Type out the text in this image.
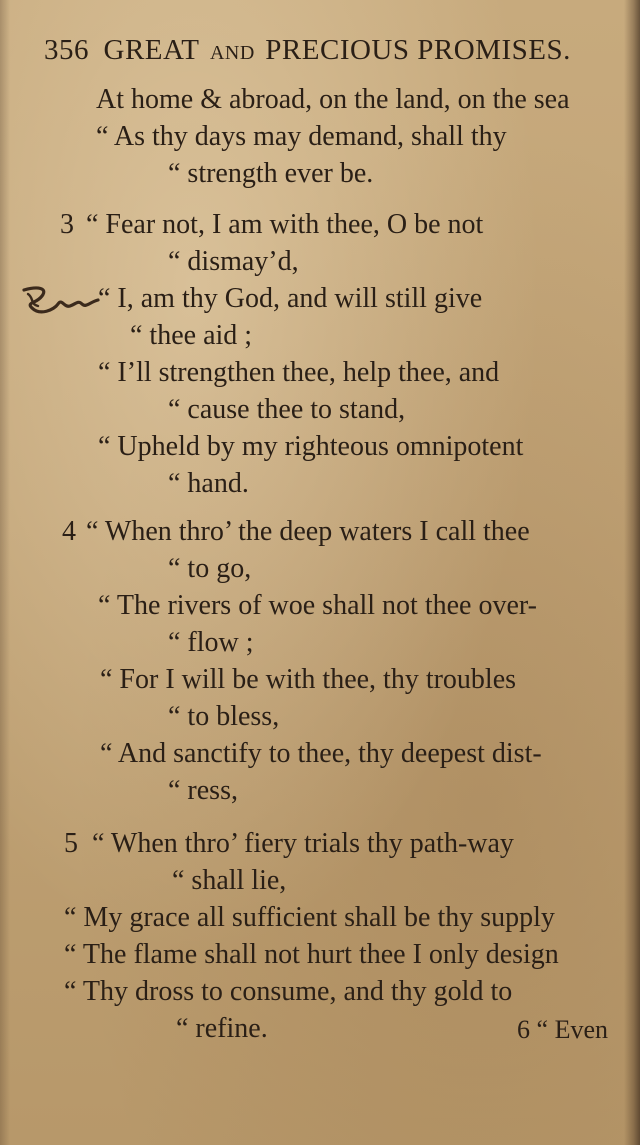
356 GREAT AND PRECIOUS PROMISES.
At home & abroad, on the land, on the sea
“ As thy days may demand, shall thy
“ strength ever be.
3 “ Fear not, I am with thee, O be not
“ dismay’d,
“ I, am thy God, and will still give
“ thee aid ;
“ I’ll strengthen thee, help thee, and
“ cause thee to stand,
“ Upheld by my righteous omnipotent
“ hand.
4 “ When thro’ the deep waters I call thee
“ to go,
“ The rivers of woe shall not thee over-
“ flow ;
“ For I will be with thee, thy troubles
“ to bless,
“ And sanctify to thee, thy deepest dist-
“ ress,
5 “ When thro’ fiery trials thy path-way
“ shall lie,
“ My grace all sufficient shall be thy supply
“ The flame shall not hurt thee I only design
“ Thy dross to consume, and thy gold to
“ refine.	6 “ Even
